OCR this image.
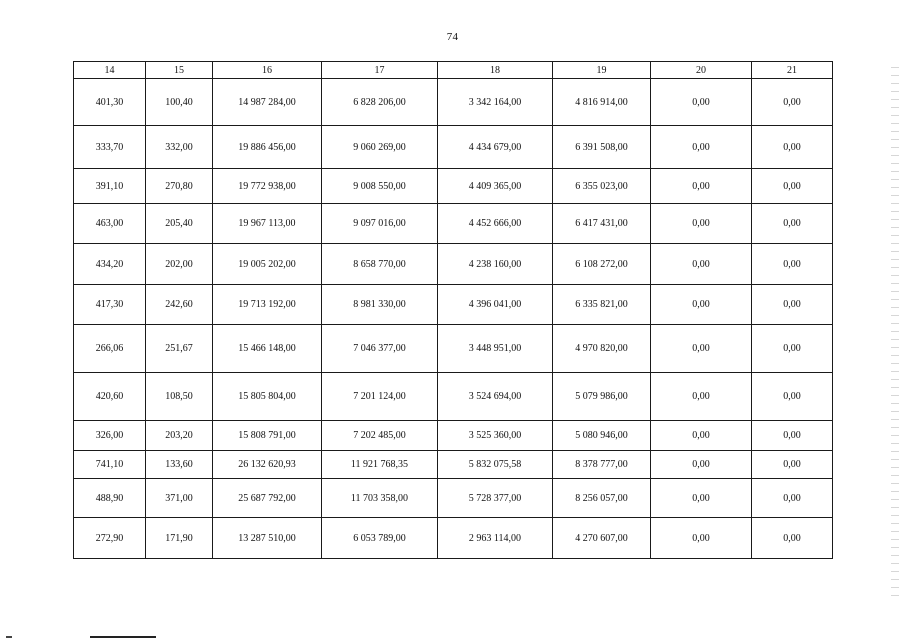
74
14	15	16	17	18	19	20	21
401,30	100,40	14 987 284,00	6 828 206,00	3 342 164,00	4 816 914,00	0,00	0,00
333,70	332,00	19 886 456,00	9 060 269,00	4 434 679,00	6 391 508,00	0,00	0,00
391,10	270,80	19 772 938,00	9 008 550,00	4 409 365,00	6 355 023,00	0,00	0,00
463,00	205,40	19 967 113,00	9 097 016,00	4 452 666,00	6 417 431,00	0,00	0,00
434,20	202,00	19 005 202,00	8 658 770,00	4 238 160,00	6 108 272,00	0,00	0,00
417,30	242,60	19 713 192,00	8 981 330,00	4 396 041,00	6 335 821,00	0,00	0,00
266,06	251,67	15 466 148,00	7 046 377,00	3 448 951,00	4 970 820,00	0,00	0,00
420,60	108,50	15 805 804,00	7 201 124,00	3 524 694,00	5 079 986,00	0,00	0,00
326,00	203,20	15 808 791,00	7 202 485,00	3 525 360,00	5 080 946,00	0,00	0,00
741,10	133,60	26 132 620,93	11 921 768,35	5 832 075,58	8 378 777,00	0,00	0,00
488,90	371,00	25 687 792,00	11 703 358,00	5 728 377,00	8 256 057,00	0,00	0,00
272,90	171,90	13 287 510,00	6 053 789,00	2 963 114,00	4 270 607,00	0,00	0,00
